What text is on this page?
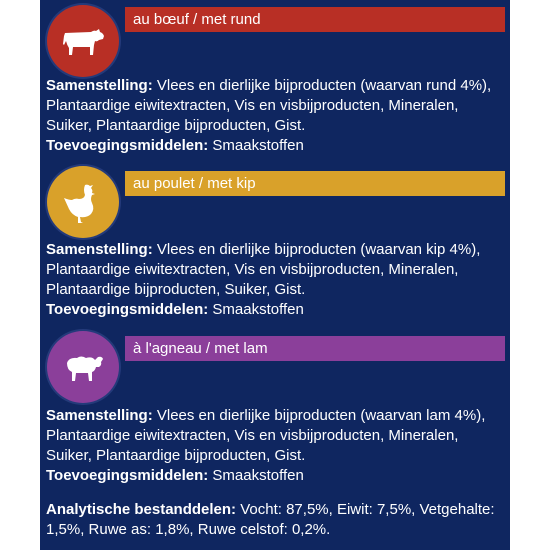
au bœuf / met rund
Samenstelling: Vlees en dierlijke bijproducten (waarvan rund 4%), Plantaardige eiwitextracten, Vis en visbijproducten, Mineralen, Suiker, Plantaardige bijproducten, Gist.
Toevoegingsmiddelen: Smaakstoffen
au poulet / met kip
Samenstelling: Vlees en dierlijke bijproducten (waarvan kip 4%), Plantaardige eiwitextracten, Vis en visbijproducten, Mineralen, Plantaardige bijproducten, Suiker, Gist.
Toevoegingsmiddelen: Smaakstoffen
à l'agneau / met lam
Samenstelling: Vlees en dierlijke bijproducten (waarvan lam 4%), Plantaardige eiwitextracten, Vis en visbijproducten, Mineralen, Suiker, Plantaardige bijproducten, Gist.
Toevoegingsmiddelen: Smaakstoffen
Analytische bestanddelen: Vocht: 87,5%, Eiwit: 7,5%, Vetgehalte: 1,5%, Ruwe as: 1,8%, Ruwe celstof: 0,2%.
